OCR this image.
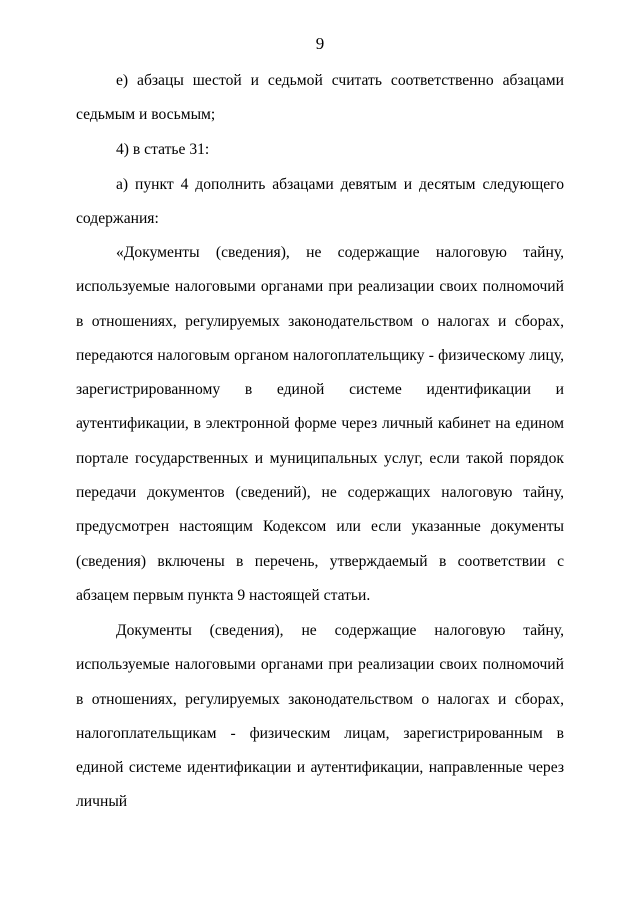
9

е) абзацы шестой и седьмой считать соответственно абзацами седьмым и восьмым;

4) в статье 31:

а) пункт 4 дополнить абзацами девятым и десятым следующего содержания:

«Документы (сведения), не содержащие налоговую тайну, используемые налоговыми органами при реализации своих полномочий в отношениях, регулируемых законодательством о налогах и сборах, передаются налоговым органом налогоплательщику - физическому лицу, зарегистрированному в единой системе идентификации и аутентификации, в электронной форме через личный кабинет на едином портале государственных и муниципальных услуг, если такой порядок передачи документов (сведений), не содержащих налоговую тайну, предусмотрен настоящим Кодексом или если указанные документы (сведения) включены в перечень, утверждаемый в соответствии с абзацем первым пункта 9 настоящей статьи.

Документы (сведения), не содержащие налоговую тайну, используемые налоговыми органами при реализации своих полномочий в отношениях, регулируемых законодательством о налогах и сборах, налогоплательщикам - физическим лицам, зарегистрированным в единой системе идентификации и аутентификации, направленные через личный
